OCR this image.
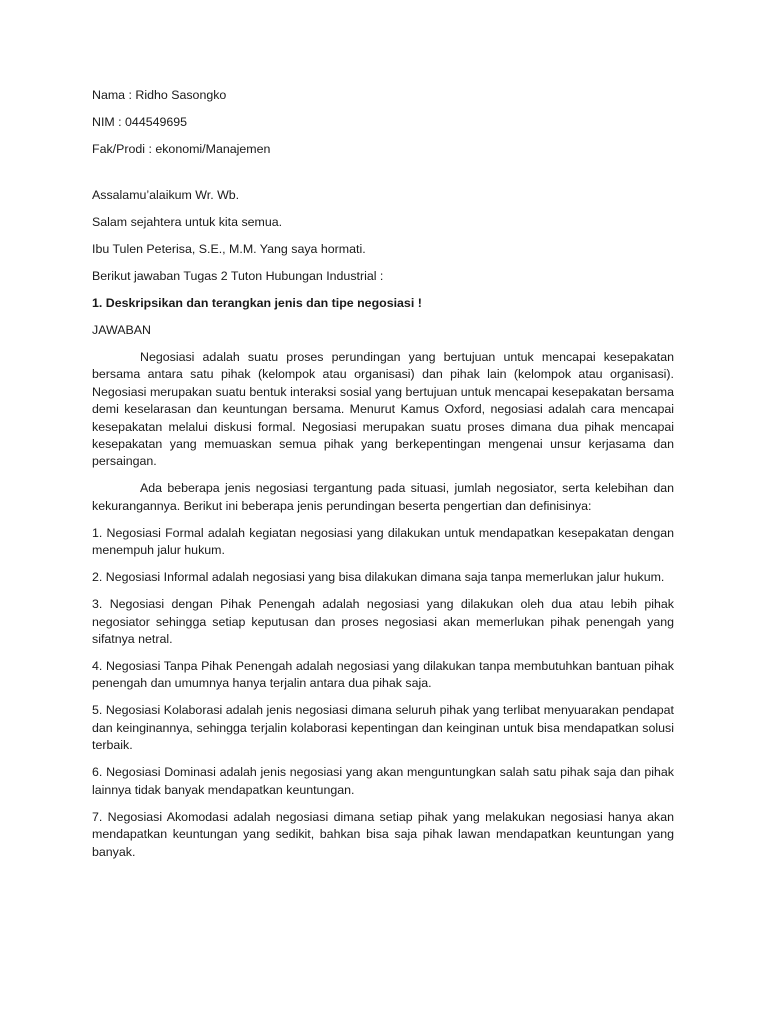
Nama : Ridho Sasongko
NIM : 044549695
Fak/Prodi : ekonomi/Manajemen
Assalamu’alaikum Wr. Wb.
Salam sejahtera untuk kita semua.
Ibu Tulen Peterisa, S.E., M.M. Yang saya hormati.
Berikut jawaban Tugas 2 Tuton Hubungan Industrial :
1. Deskripsikan dan terangkan jenis dan tipe negosiasi !
JAWABAN

Negosiasi adalah suatu proses perundingan yang bertujuan untuk mencapai kesepakatan bersama antara satu pihak (kelompok atau organisasi) dan pihak lain (kelompok atau organisasi). Negosiasi merupakan suatu bentuk interaksi sosial yang bertujuan untuk mencapai kesepakatan bersama demi keselarasan dan keuntungan bersama. Menurut Kamus Oxford, negosiasi adalah cara mencapai kesepakatan melalui diskusi formal. Negosiasi merupakan suatu proses dimana dua pihak mencapai kesepakatan yang memuaskan semua pihak yang berkepentingan mengenai unsur kerjasama dan persaingan.

Ada beberapa jenis negosiasi tergantung pada situasi, jumlah negosiator, serta kelebihan dan kekurangannya. Berikut ini beberapa jenis perundingan beserta pengertian dan definisinya:

1. Negosiasi Formal adalah kegiatan negosiasi yang dilakukan untuk mendapatkan kesepakatan dengan menempuh jalur hukum.

2. Negosiasi Informal adalah negosiasi yang bisa dilakukan dimana saja tanpa memerlukan jalur hukum.

3. Negosiasi dengan Pihak Penengah adalah negosiasi yang dilakukan oleh dua atau lebih pihak negosiator sehingga setiap keputusan dan proses negosiasi akan memerlukan pihak penengah yang sifatnya netral.

4. Negosiasi Tanpa Pihak Penengah adalah negosiasi yang dilakukan tanpa membutuhkan bantuan pihak penengah dan umumnya hanya terjalin antara dua pihak saja.

5. Negosiasi Kolaborasi adalah jenis negosiasi dimana seluruh pihak yang terlibat menyuarakan pendapat dan keinginannya, sehingga terjalin kolaborasi kepentingan dan keinginan untuk bisa mendapatkan solusi terbaik.

6. Negosiasi Dominasi adalah jenis negosiasi yang akan menguntungkan salah satu pihak saja dan pihak lainnya tidak banyak mendapatkan keuntungan.

7. Negosiasi Akomodasi adalah negosiasi dimana setiap pihak yang melakukan negosiasi hanya akan mendapatkan keuntungan yang sedikit, bahkan bisa saja pihak lawan mendapatkan keuntungan yang banyak.
